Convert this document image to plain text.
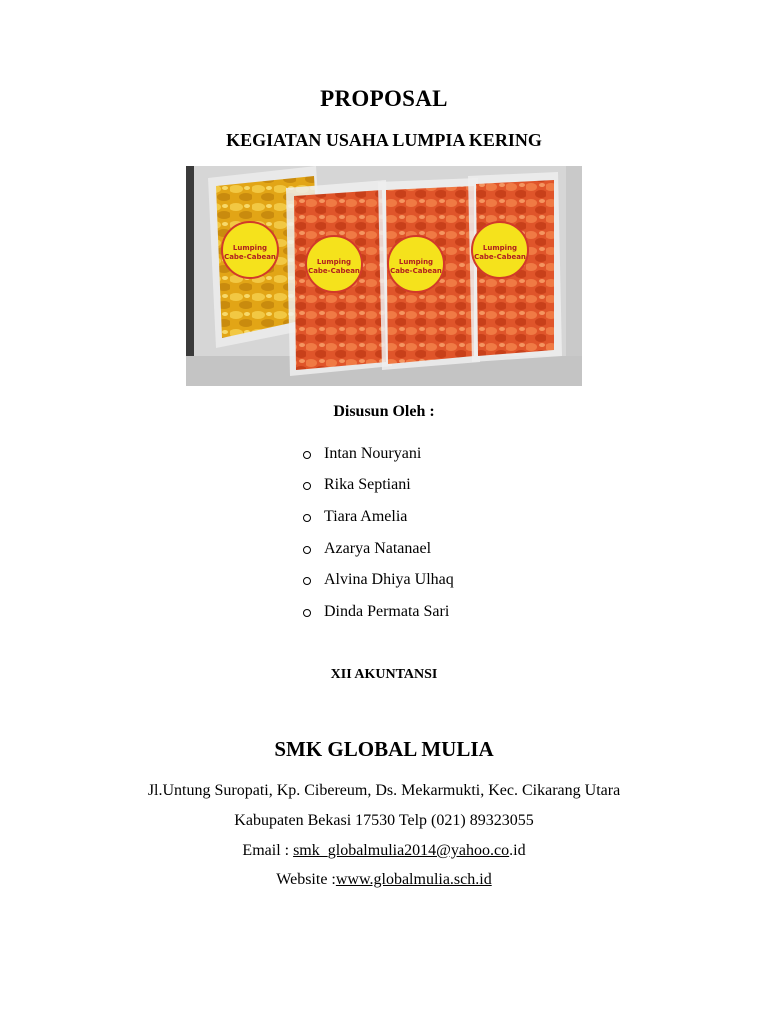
PROPOSAL
KEGIATAN USAHA LUMPIA KERING
Lumping
Cabe-Cabean
Lumping
Cabe-Cabean
Lumping
Cabe-Cabean
Lumping
Cabe-Cabean
Disusun Oleh :
Intan Nouryani
Rika Septiani
Tiara Amelia
Azarya Natanael
Alvina Dhiya Ulhaq
Dinda Permata Sari
XII AKUNTANSI
SMK GLOBAL MULIA
Jl.Untung Suropati, Kp. Cibereum, Ds. Mekarmukti, Kec. Cikarang Utara
Kabupaten Bekasi 17530 Telp (021) 89323055
Email : smk_globalmulia2014@yahoo.co.id
Website :www.globalmulia.sch.id
